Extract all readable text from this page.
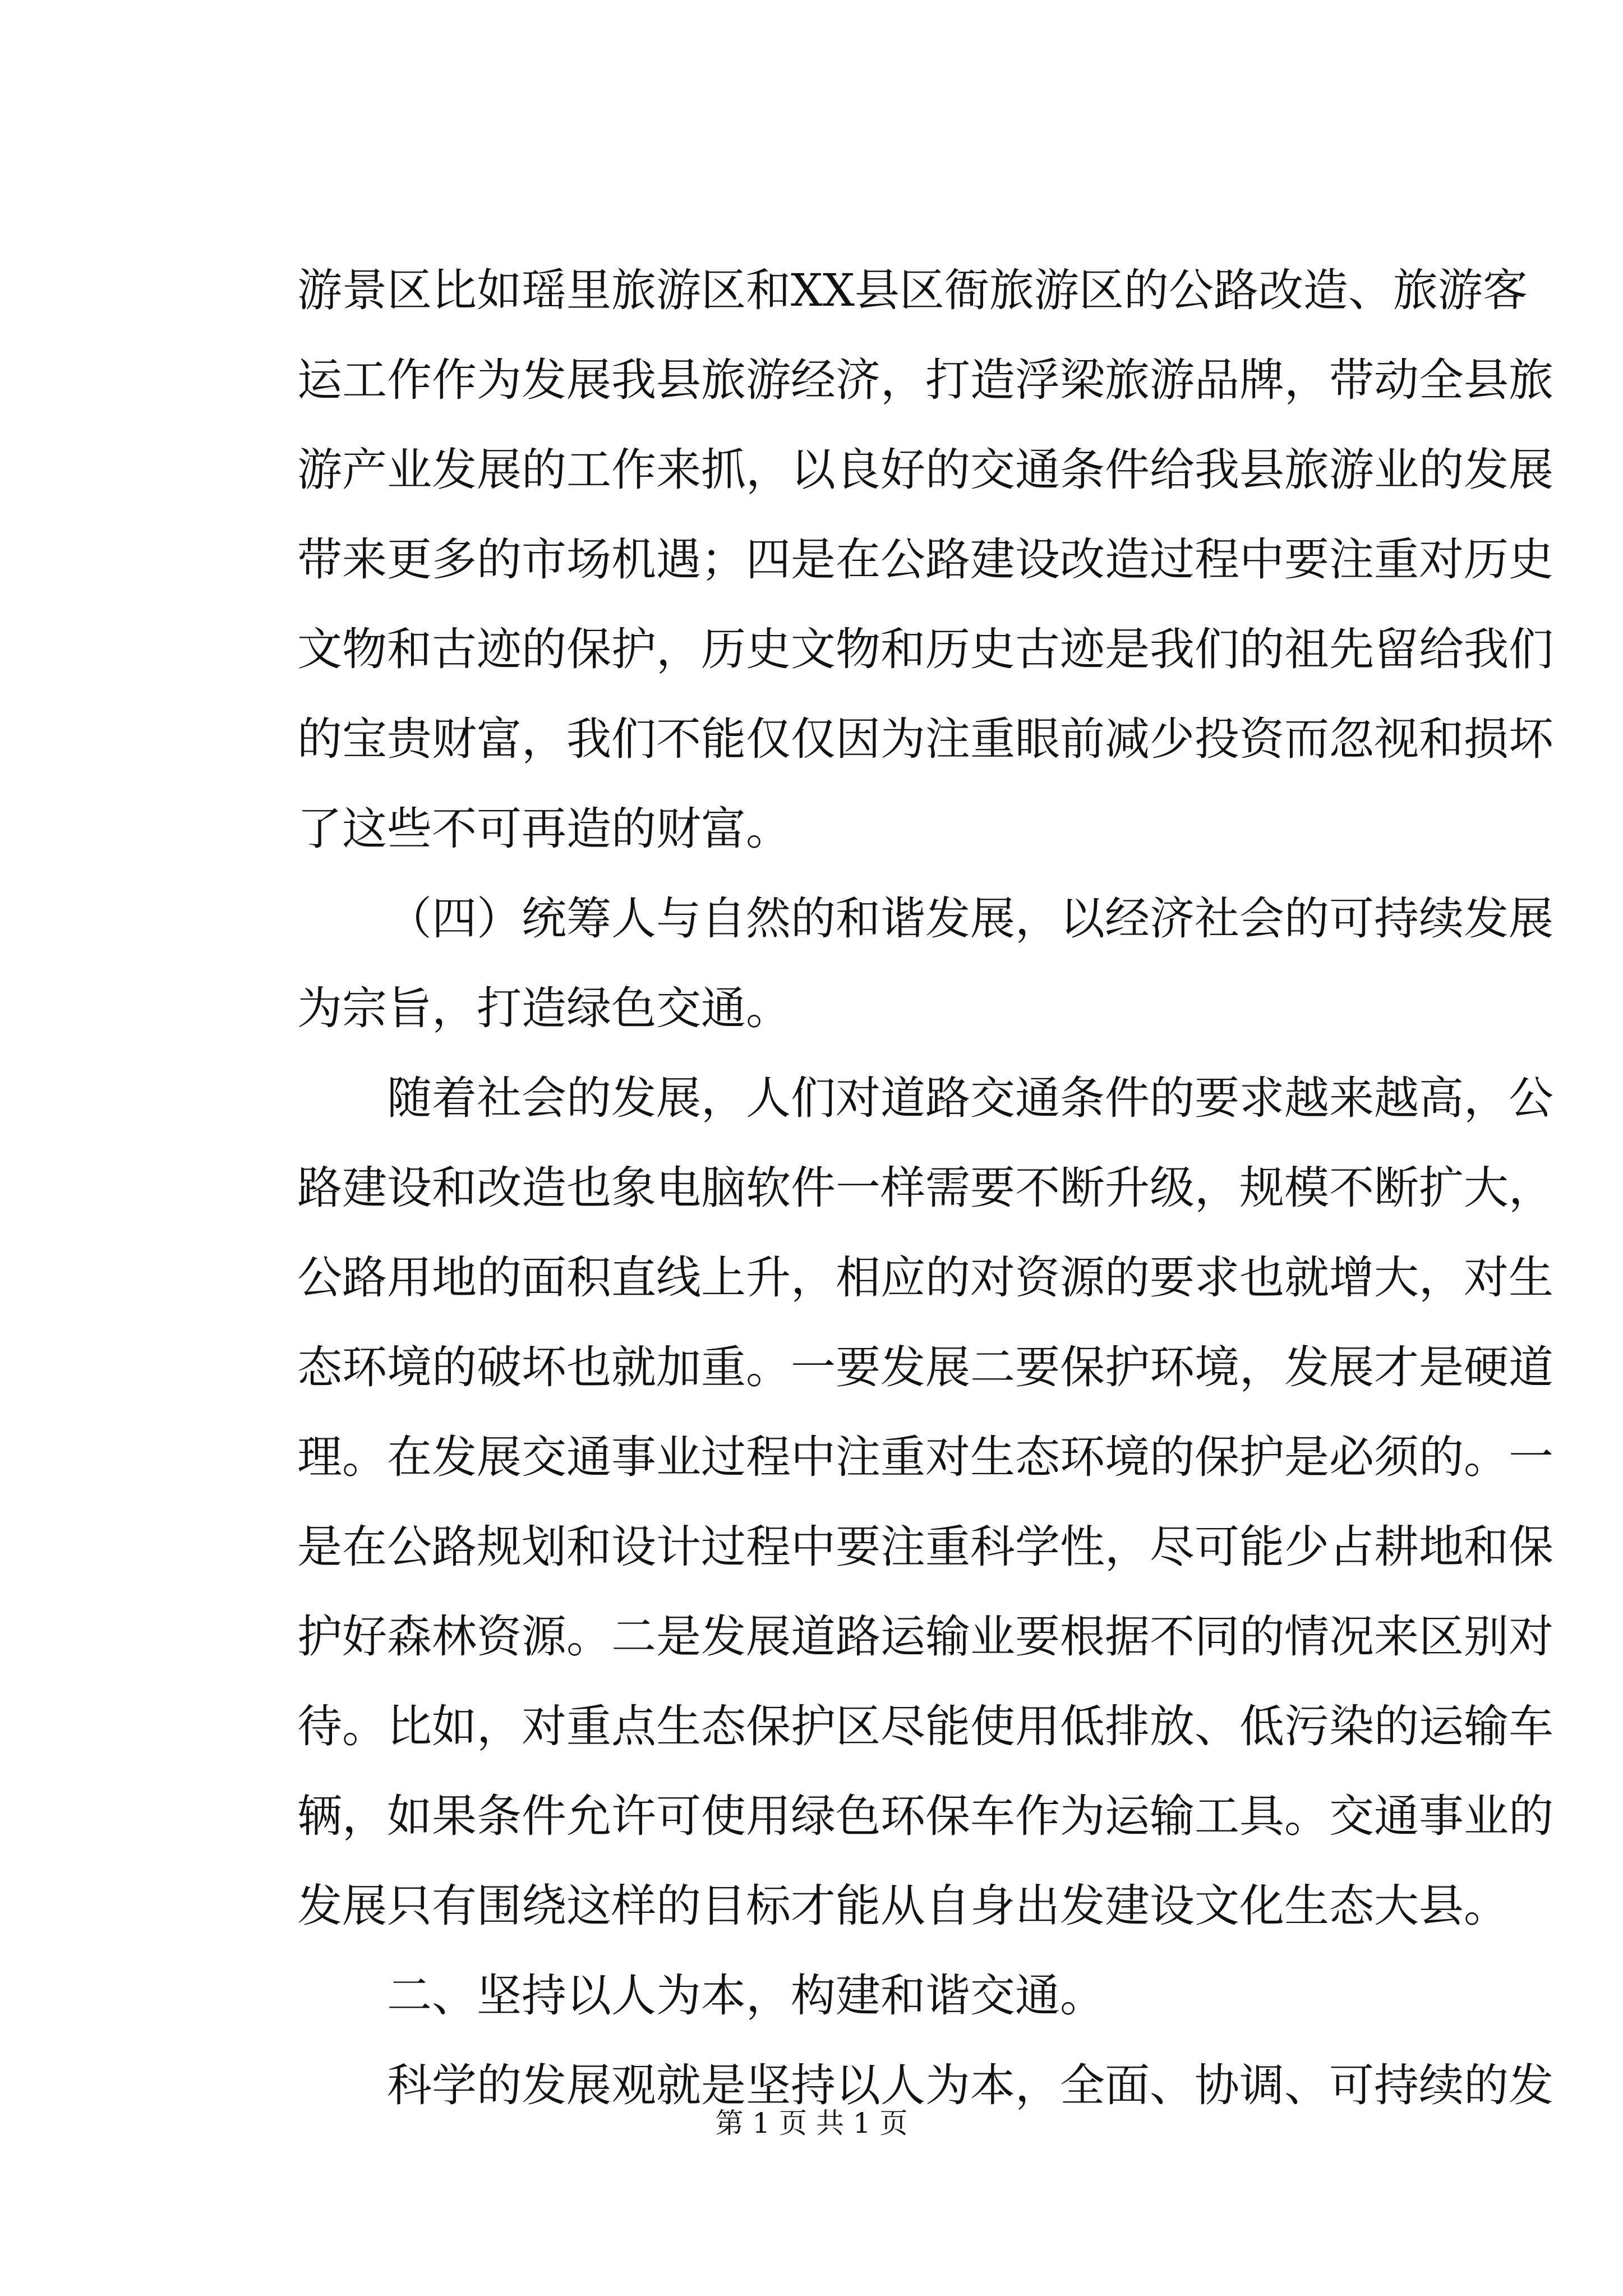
游景区比如瑶里旅游区和XX县区衙旅游区的公路改造、旅游客
运工作作为发展我县旅游经济，打造浮梁旅游品牌，带动全县旅
游产业发展的工作来抓，以良好的交通条件给我县旅游业的发展
带来更多的市场机遇；四是在公路建设改造过程中要注重对历史
文物和古迹的保护，历史文物和历史古迹是我们的祖先留给我们
的宝贵财富，我们不能仅仅因为注重眼前减少投资而忽视和损坏
了这些不可再造的财富。
（四）统筹人与自然的和谐发展，以经济社会的可持续发展
为宗旨，打造绿色交通。
随着社会的发展，人们对道路交通条件的要求越来越高，公
路建设和改造也象电脑软件一样需要不断升级，规模不断扩大，
公路用地的面积直线上升，相应的对资源的要求也就增大，对生
态环境的破坏也就加重。一要发展二要保护环境，发展才是硬道
理。在发展交通事业过程中注重对生态环境的保护是必须的。一
是在公路规划和设计过程中要注重科学性，尽可能少占耕地和保
护好森林资源。二是发展道路运输业要根据不同的情况来区别对
待。比如，对重点生态保护区尽能使用低排放、低污染的运输车
辆，如果条件允许可使用绿色环保车作为运输工具。交通事业的
发展只有围绕这样的目标才能从自身出发建设文化生态大县。
二、坚持以人为本，构建和谐交通。
科学的发展观就是坚持以人为本，全面、协调、可持续的发
第 1 页 共 1 页
